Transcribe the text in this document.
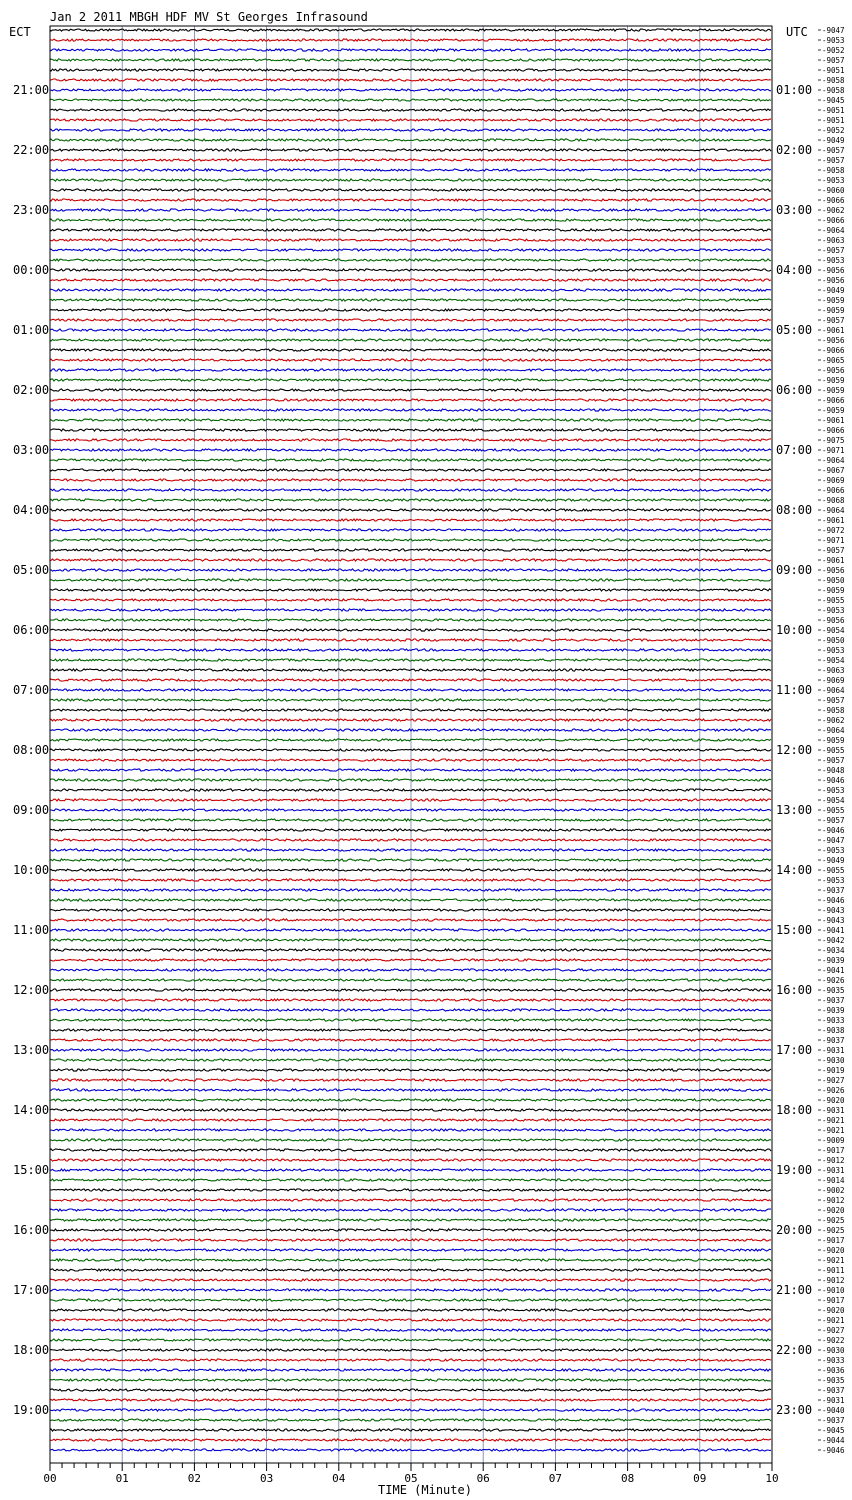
Jan 2 2011 MBGH HDF MV St Georges Infrasound
ECT	UTC
TIME (Minute)
00	01	02	03	04	05	06	07	08	09	10
-9047
-9053
-9052
-9057
-9051
-9058
-9058
-9045
-9051
-9051
-9052
-9049
-9057
-9057
-9058
-9053
-9060
-9066
-9062
-9066
-9064
-9063
-9057
-9053
-9056
-9056
-9049
-9059
-9059
-9057
-9061
-9056
-9066
-9065
-9056
-9059
-9059
-9066
-9059
-9061
-9066
-9075
-9071
-9064
-9067
-9069
-9066
-9068
-9064
-9061
-9072
-9071
-9057
-9061
-9056
-9050
-9059
-9055
-9053
-9056
-9054
-9050
-9053
-9054
-9063
-9069
-9064
-9057
-9058
-9062
-9064
-9059
-9055
-9057
-9048
-9046
-9053
-9054
-9055
-9057
-9046
-9047
-9053
-9049
-9055
-9053
-9037
-9046
-9043
-9043
-9041
-9042
-9034
-9039
-9041
-9026
-9035
-9037
-9039
-9033
-9038
-9037
-9031
-9030
-9019
-9027
-9026
-9020
-9031
-9021
-9021
-9009
-9017
-9012
-9031
-9014
-9002
-9012
-9020
-9025
-9025
-9017
-9020
-9021
-9011
-9012
-9010
-9017
-9020
-9021
-9027
-9022
-9030
-9033
-9036
-9035
-9037
-9031
-9040
-9037
-9045
-9044
-9046
21:00	01:00
22:00	02:00
23:00	03:00
00:00	04:00
01:00	05:00
02:00	06:00
03:00	07:00
04:00	08:00
05:00	09:00
06:00	10:00
07:00	11:00
08:00	12:00
09:00	13:00
10:00	14:00
11:00	15:00
12:00	16:00
13:00	17:00
14:00	18:00
15:00	19:00
16:00	20:00
17:00	21:00
18:00	22:00
19:00	23:00
